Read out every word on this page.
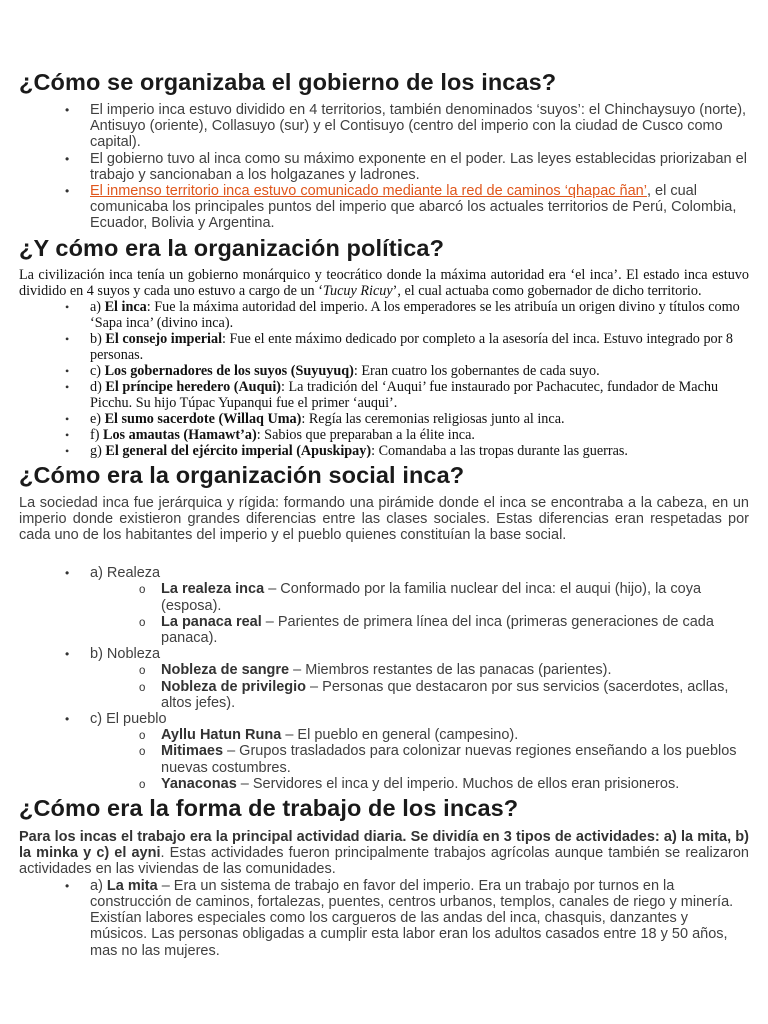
¿Cómo se organizaba el gobierno de los incas?
• El imperio inca estuvo dividido en 4 territorios, también denominados ‘suyos’: el Chinchaysuyo (norte), Antisuyo (oriente), Collasuyo (sur) y el Contisuyo (centro del imperio con la ciudad de Cusco como capital).
• El gobierno tuvo al inca como su máximo exponente en el poder. Las leyes establecidas priorizaban el trabajo y sancionaban a los holgazanes y ladrones.
• El inmenso territorio inca estuvo comunicado mediante la red de caminos ‘qhapac ñan’, el cual comunicaba los principales puntos del imperio que abarcó los actuales territorios de Perú, Colombia, Ecuador, Bolivia y Argentina.
¿Y cómo era la organización política?

La civilización inca tenía un gobierno monárquico y teocrático donde la máxima autoridad era ‘el inca’. El estado inca estuvo dividido en 4 suyos y cada uno estuvo a cargo de un ‘Tucuy Ricuy’, el cual actuaba como gobernador de dicho territorio.

• a) El inca: Fue la máxima autoridad del imperio. A los emperadores se les atribuía un origen divino y títulos como ‘Sapa inca’ (divino inca).
• b) El consejo imperial: Fue el ente máximo dedicado por completo a la asesoría del inca. Estuvo integrado por 8 personas.
• c) Los gobernadores de los suyos (Suyuyuq): Eran cuatro los gobernantes de cada suyo.
• d) El príncipe heredero (Auqui): La tradición del ‘Auqui’ fue instaurado por Pachacutec, fundador de Machu Picchu. Su hijo Túpac Yupanqui fue el primer ‘auqui’.
• e) El sumo sacerdote (Willaq Uma): Regía las ceremonias religiosas junto al inca.
• f) Los amautas (Hamawt’a): Sabios que preparaban a la élite inca.
• g) El general del ejército imperial (Apuskipay): Comandaba a las tropas durante las guerras.
¿Cómo era la organización social inca?

La sociedad inca fue jerárquica y rígida: formando una pirámide donde el inca se encontraba a la cabeza, en un imperio donde existieron grandes diferencias entre las clases sociales. Estas diferencias eran respetadas por cada uno de los habitantes del imperio y el pueblo quienes constituían la base social.

• a) Realeza
o La realeza inca – Conformado por la familia nuclear del inca: el auqui (hijo), la coya (esposa).
o La panaca real – Parientes de primera línea del inca (primeras generaciones de cada panaca).
• b) Nobleza
o Nobleza de sangre – Miembros restantes de las panacas (parientes).
o Nobleza de privilegio – Personas que destacaron por sus servicios (sacerdotes, acllas, altos jefes).
• c) El pueblo
o Ayllu Hatun Runa – El pueblo en general (campesino).
o Mitimaes – Grupos trasladados para colonizar nuevas regiones enseñando a los pueblos nuevas costumbres.
o Yanaconas – Servidores el inca y del imperio. Muchos de ellos eran prisioneros.
¿Cómo era la forma de trabajo de los incas?

Para los incas el trabajo era la principal actividad diaria. Se dividía en 3 tipos de actividades: a) la mita, b) la minka y c) el ayni. Estas actividades fueron principalmente trabajos agrícolas aunque también se realizaron actividades en las viviendas de las comunidades.

• a) La mita – Era un sistema de trabajo en favor del imperio. Era un trabajo por turnos en la construcción de caminos, fortalezas, puentes, centros urbanos, templos, canales de riego y minería. Existían labores especiales como los cargueros de las andas del inca, chasquis, danzantes y músicos. Las personas obligadas a cumplir esta labor eran los adultos casados entre 18 y 50 años, mas no las mujeres.
